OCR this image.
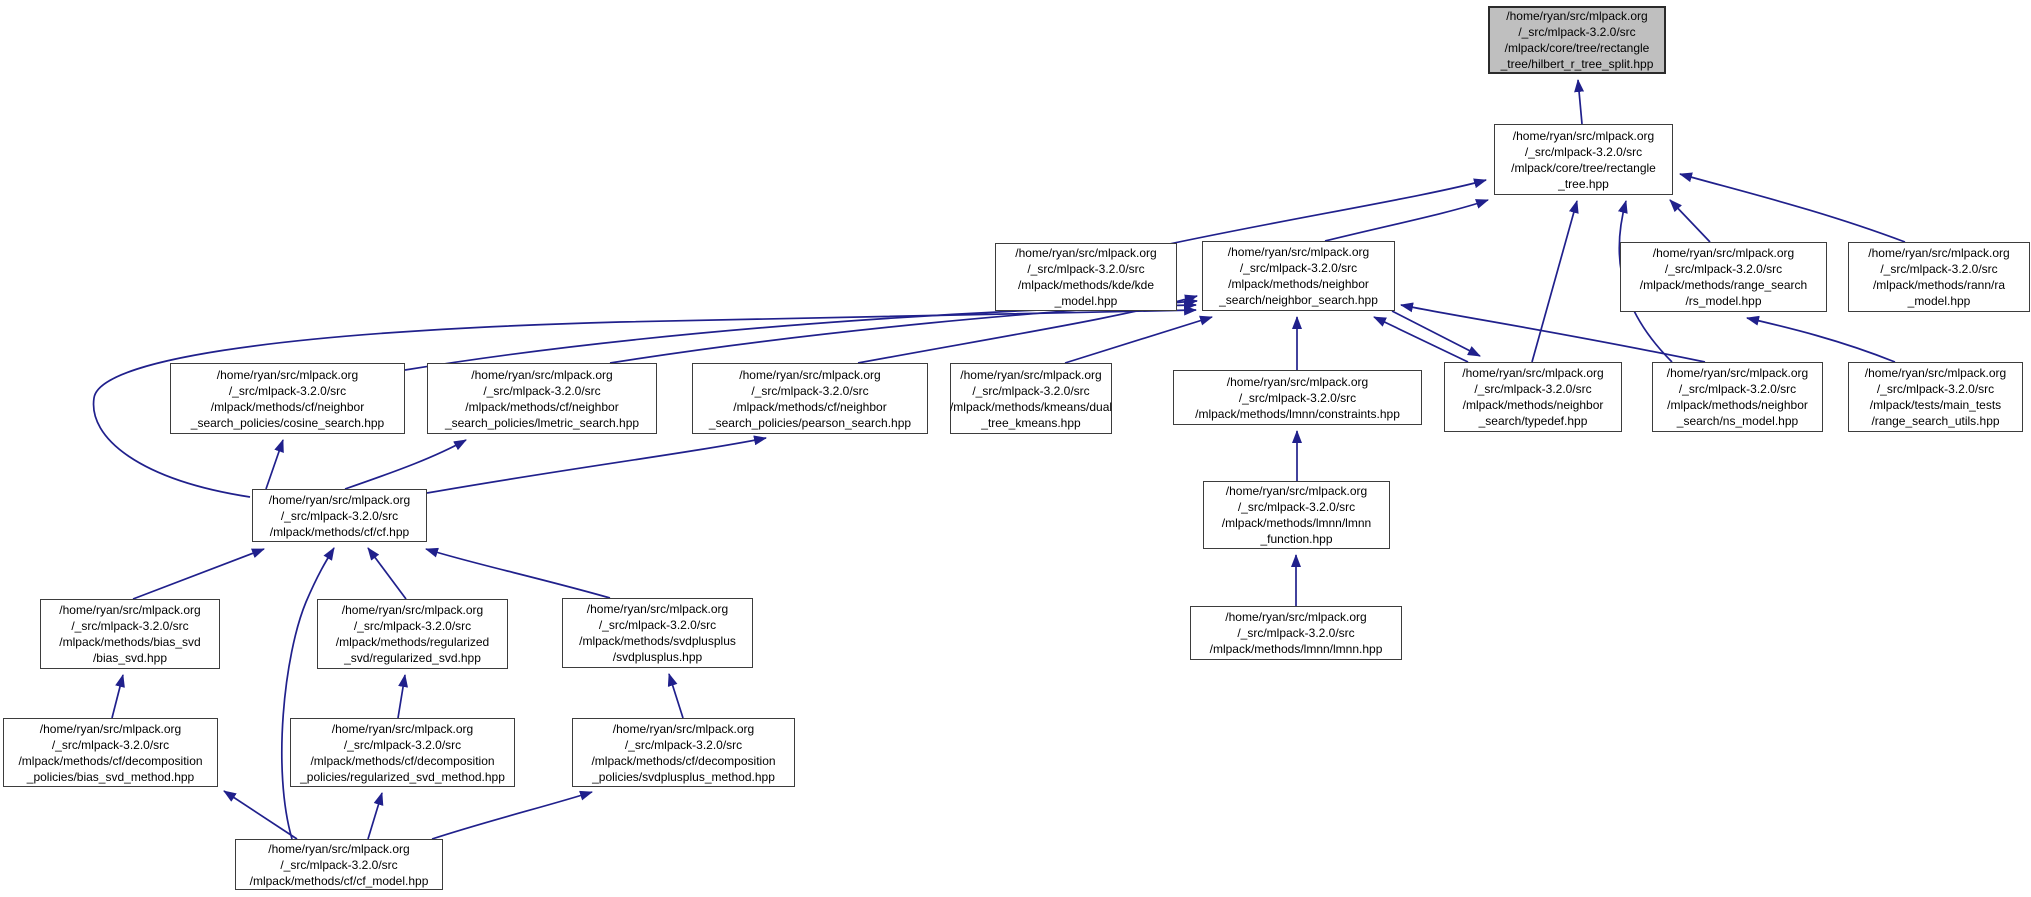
/home/ryan/src/mlpack.org
/_src/mlpack-3.2.0/src
/mlpack/core/tree/rectangle
_tree/hilbert_r_tree_split.hpp
/home/ryan/src/mlpack.org
/_src/mlpack-3.2.0/src
/mlpack/core/tree/rectangle
_tree.hpp
/home/ryan/src/mlpack.org
/_src/mlpack-3.2.0/src
/mlpack/methods/kde/kde
_model.hpp
/home/ryan/src/mlpack.org
/_src/mlpack-3.2.0/src
/mlpack/methods/neighbor
_search/neighbor_search.hpp
/home/ryan/src/mlpack.org
/_src/mlpack-3.2.0/src
/mlpack/methods/range_search
/rs_model.hpp
/home/ryan/src/mlpack.org
/_src/mlpack-3.2.0/src
/mlpack/methods/rann/ra
_model.hpp
/home/ryan/src/mlpack.org
/_src/mlpack-3.2.0/src
/mlpack/methods/cf/neighbor
_search_policies/cosine_search.hpp
/home/ryan/src/mlpack.org
/_src/mlpack-3.2.0/src
/mlpack/methods/cf/neighbor
_search_policies/lmetric_search.hpp
/home/ryan/src/mlpack.org
/_src/mlpack-3.2.0/src
/mlpack/methods/cf/neighbor
_search_policies/pearson_search.hpp
/home/ryan/src/mlpack.org
/_src/mlpack-3.2.0/src
/mlpack/methods/kmeans/dual
_tree_kmeans.hpp
/home/ryan/src/mlpack.org
/_src/mlpack-3.2.0/src
/mlpack/methods/lmnn/constraints.hpp
/home/ryan/src/mlpack.org
/_src/mlpack-3.2.0/src
/mlpack/methods/neighbor
_search/typedef.hpp
/home/ryan/src/mlpack.org
/_src/mlpack-3.2.0/src
/mlpack/methods/neighbor
_search/ns_model.hpp
/home/ryan/src/mlpack.org
/_src/mlpack-3.2.0/src
/mlpack/tests/main_tests
/range_search_utils.hpp
/home/ryan/src/mlpack.org
/_src/mlpack-3.2.0/src
/mlpack/methods/cf/cf.hpp
/home/ryan/src/mlpack.org
/_src/mlpack-3.2.0/src
/mlpack/methods/lmnn/lmnn
_function.hpp
/home/ryan/src/mlpack.org
/_src/mlpack-3.2.0/src
/mlpack/methods/bias_svd
/bias_svd.hpp
/home/ryan/src/mlpack.org
/_src/mlpack-3.2.0/src
/mlpack/methods/regularized
_svd/regularized_svd.hpp
/home/ryan/src/mlpack.org
/_src/mlpack-3.2.0/src
/mlpack/methods/svdplusplus
/svdplusplus.hpp
/home/ryan/src/mlpack.org
/_src/mlpack-3.2.0/src
/mlpack/methods/lmnn/lmnn.hpp
/home/ryan/src/mlpack.org
/_src/mlpack-3.2.0/src
/mlpack/methods/cf/decomposition
_policies/bias_svd_method.hpp
/home/ryan/src/mlpack.org
/_src/mlpack-3.2.0/src
/mlpack/methods/cf/decomposition
_policies/regularized_svd_method.hpp
/home/ryan/src/mlpack.org
/_src/mlpack-3.2.0/src
/mlpack/methods/cf/decomposition
_policies/svdplusplus_method.hpp
/home/ryan/src/mlpack.org
/_src/mlpack-3.2.0/src
/mlpack/methods/cf/cf_model.hpp
